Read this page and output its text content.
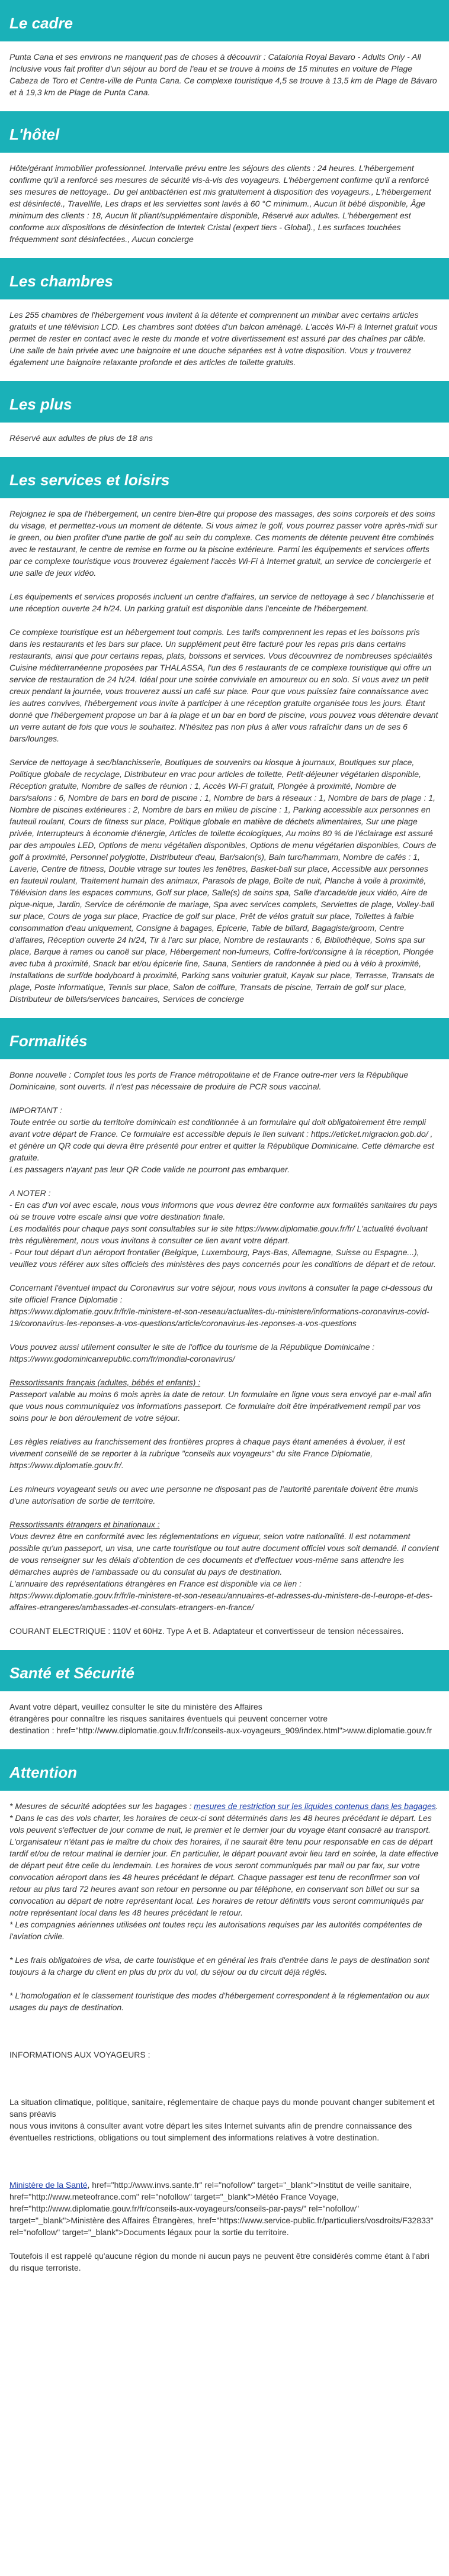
Le cadre

Punta Cana et ses environs ne manquent pas de choses à découvrir : Catalonia Royal Bavaro - Adults Only - All Inclusive vous fait profiter d'un séjour au bord de l'eau et se trouve à moins de 15 minutes en voiture de Plage Cabeza de Toro et Centre-ville de Punta Cana. Ce complexe touristique 4,5 se trouve à 13,5 km de Plage de Bávaro et à 19,3 km de Plage de Punta Cana.

L'hôtel

Hôte/gérant immobilier professionnel. Intervalle prévu entre les séjours des clients : 24 heures. L'hébergement confirme qu'il a renforcé ses mesures de sécurité vis-à-vis des voyageurs. L'hébergement confirme qu'il a renforcé ses mesures de nettoyage.. Du gel antibactérien est mis gratuitement à disposition des voyageurs., L'hébergement est désinfecté., Travellife, Les draps et les serviettes sont lavés à 60 °C minimum., Aucun lit bébé disponible, Âge minimum des clients : 18, Aucun lit pliant/supplémentaire disponible, Réservé aux adultes. L'hébergement est conforme aux dispositions de désinfection de Intertek Cristal (expert tiers - Global)., Les surfaces touchées fréquemment sont désinfectées., Aucun concierge

Les chambres

Les 255 chambres de l'hébergement vous invitent à la détente et comprennent un minibar avec certains articles gratuits et une télévision LCD. Les chambres sont dotées d'un balcon aménagé. L'accès Wi-Fi à Internet gratuit vous permet de rester en contact avec le reste du monde et votre divertissement est assuré par des chaînes par câble. Une salle de bain privée avec une baignoire et une douche séparées est à votre disposition. Vous y trouverez également une baignoire relaxante profonde et des articles de toilette gratuits.

Les plus

Réservé aux adultes de plus de 18 ans

Les services et loisirs

Rejoignez le spa de l'hébergement, un centre bien-être qui propose des massages, des soins corporels et des soins du visage, et permettez-vous un moment de détente. Si vous aimez le golf, vous pourrez passer votre après-midi sur le green, ou bien profiter d'une partie de golf au sein du complexe. Ces moments de détente peuvent être combinés avec le restaurant, le centre de remise en forme ou la piscine extérieure. Parmi les équipements et services offerts par ce complexe touristique vous trouverez également l'accès Wi-Fi à Internet gratuit, un service de conciergerie et une salle de jeux vidéo.

Les équipements et services proposés incluent un centre d'affaires, un service de nettoyage à sec / blanchisserie et une réception ouverte 24 h/24. Un parking gratuit est disponible dans l'enceinte de l'hébergement.

Ce complexe touristique est un hébergement tout compris. Les tarifs comprennent les repas et les boissons pris dans les restaurants et les bars sur place. Un supplément peut être facturé pour les repas pris dans certains restaurants, ainsi que pour certains repas, plats, boissons et services. Vous découvrirez de nombreuses spécialités Cuisine méditerranéenne proposées par THALASSA, l'un des 6 restaurants de ce complexe touristique qui offre un service de restauration de 24 h/24. Idéal pour une soirée conviviale en amoureux ou en solo. Si vous avez un petit creux pendant la journée, vous trouverez aussi un café sur place. Pour que vous puissiez faire connaissance avec les autres convives, l'hébergement vous invite à participer à une réception gratuite organisée tous les jours. Étant donné que l'hébergement propose un bar à la plage et un bar en bord de piscine, vous pouvez vous détendre devant un verre autant de fois que vous le souhaitez. N'hésitez pas non plus à aller vous rafraîchir dans un de ses 6 bars/lounges.

Service de nettoyage à sec/blanchisserie, Boutiques de souvenirs ou kiosque à journaux, Boutiques sur place, Politique globale de recyclage, Distributeur en vrac pour articles de toilette, Petit-déjeuner végétarien disponible, Réception gratuite, Nombre de salles de réunion : 1, Accès Wi-Fi gratuit, Plongée à proximité, Nombre de bars/salons : 6, Nombre de bars en bord de piscine : 1, Nombre de bars à réseaux : 1, Nombre de bars de plage : 1, Nombre de piscines extérieures : 2, Nombre de bars en milieu de piscine : 1, Parking accessible aux personnes en fauteuil roulant, Cours de fitness sur place, Politique globale en matière de déchets alimentaires, Sur une plage privée, Interrupteurs à économie d'énergie, Articles de toilette écologiques, Au moins 80 % de l'éclairage est assuré par des ampoules LED, Options de menu végétalien disponibles, Options de menu végétarien disponibles, Cours de golf à proximité, Personnel polyglotte, Distributeur d'eau, Bar/salon(s), Bain turc/hammam, Nombre de cafés : 1, Laverie, Centre de fitness, Double vitrage sur toutes les fenêtres, Basket-ball sur place, Accessible aux personnes en fauteuil roulant, Traitement humain des animaux, Parasols de plage, Boîte de nuit, Planche à voile à proximité, Télévision dans les espaces communs, Golf sur place, Salle(s) de soins spa, Salle d'arcade/de jeux vidéo, Aire de pique-nique, Jardin, Service de cérémonie de mariage, Spa avec services complets, Serviettes de plage, Volley-ball sur place, Cours de yoga sur place, Practice de golf sur place, Prêt de vélos gratuit sur place, Toilettes à faible consommation d'eau uniquement, Consigne à bagages, Épicerie, Table de billard, Bagagiste/groom, Centre d'affaires, Réception ouverte 24 h/24, Tir à l'arc sur place, Nombre de restaurants : 6, Bibliothèque, Soins spa sur place, Barque à rames ou canoë sur place, Hébergement non-fumeurs, Coffre-fort/consigne à la réception, Plongée avec tuba à proximité, Snack bar et/ou épicerie fine, Sauna, Sentiers de randonnée à pied ou à vélo à proximité, Installations de surf/de bodyboard à proximité, Parking sans voiturier gratuit, Kayak sur place, Terrasse, Transats de plage, Poste informatique, Tennis sur place, Salon de coiffure, Transats de piscine, Terrain de golf sur place, Distributeur de billets/services bancaires, Services de concierge

Formalités

Bonne nouvelle : Complet tous les ports de France métropolitaine et de France outre-mer vers la République Dominicaine, sont ouverts. Il n'est pas nécessaire de produire de PCR sous vaccinal.

IMPORTANT :
Toute entrée ou sortie du territoire dominicain est conditionnée à un formulaire qui doit obligatoirement être rempli avant votre départ de France. Ce formulaire est accessible depuis le lien suivant : https://eticket.migracion.gob.do/ , et génère un QR code qui devra être présenté pour entrer et quitter la République Dominicaine. Cette démarche est gratuite.
Les passagers n'ayant pas leur QR Code valide ne pourront pas embarquer.

A NOTER :
- En cas d'un vol avec escale, nous vous informons que vous devrez être conforme aux formalités sanitaires du pays où se trouve votre escale ainsi que votre destination finale.
Les modalités pour chaque pays sont consultables sur le site https://www.diplomatie.gouv.fr/fr/ L'actualité évoluant très régulièrement, nous vous invitons à consulter ce lien avant votre départ.
- Pour tout départ d'un aéroport frontalier (Belgique, Luxembourg, Pays-Bas, Allemagne, Suisse ou Espagne...), veuillez vous référer aux sites officiels des ministères des pays concernés pour les conditions de départ et de retour.

Concernant l'éventuel impact du Coronavirus sur votre séjour, nous vous invitons à consulter la page ci-dessous du site officiel France Diplomatie :
https://www.diplomatie.gouv.fr/fr/le-ministere-et-son-reseau/actualites-du-ministere/informations-coronavirus-covid-19/coronavirus-les-reponses-a-vos-questions/article/coronavirus-les-reponses-a-vos-questions

Vous pouvez aussi utilement consulter le site de l'office du tourisme de la République Dominicaine :
https://www.godominicanrepublic.com/fr/mondial-coronavirus/

Ressortissants français (adultes, bébés et enfants) :
Passeport valable au moins 6 mois après la date de retour. Un formulaire en ligne vous sera envoyé par e-mail afin que vous nous communiquiez vos informations passeport. Ce formulaire doit être impérativement rempli par vos soins pour le bon déroulement de votre séjour.

Les règles relatives au franchissement des frontières propres à chaque pays étant amenées à évoluer, il est vivement conseillé de se reporter à la rubrique "conseils aux voyageurs" du site France Diplomatie, https://www.diplomatie.gouv.fr/.

Les mineurs voyageant seuls ou avec une personne ne disposant pas de l'autorité parentale doivent être munis d'une autorisation de sortie de territoire.

Ressortissants étrangers et binationaux :
Vous devrez être en conformité avec les réglementations en vigueur, selon votre nationalité. Il est notamment possible qu'un passeport, un visa, une carte touristique ou tout autre document officiel vous soit demandé. Il convient de vous renseigner sur les délais d'obtention de ces documents et d'effectuer vous-même sans attendre les démarches auprès de l'ambassade ou du consulat du pays de destination.
L'annuaire des représentations étrangères en France est disponible via ce lien :
https://www.diplomatie.gouv.fr/fr/le-ministere-et-son-reseau/annuaires-et-adresses-du-ministere-de-l-europe-et-des-affaires-etrangeres/ambassades-et-consulats-etrangers-en-france/

COURANT ELECTRIQUE : 110V et 60Hz. Type A et B. Adaptateur et convertisseur de tension nécessaires.

Santé et Sécurité

Avant votre départ, veuillez consulter le site du ministère des Affaires
étrangères pour connaître les risques sanitaires éventuels qui peuvent concerner votre
destination : href="http://www.diplomatie.gouv.fr/fr/conseils-aux-voyageurs_909/index.html">www.diplomatie.gouv.fr

Attention

* Mesures de sécurité adoptées sur les bagages : mesures de restriction sur les liquides contenus dans les bagages.
* Dans le cas des vols charter, les horaires de ceux-ci sont déterminés dans les 48 heures précédant le départ. Les vols peuvent s'effectuer de jour comme de nuit, le premier et le dernier jour du voyage étant consacré au transport. L'organisateur n'étant pas le maître du choix des horaires, il ne saurait être tenu pour responsable en cas de départ tardif et/ou de retour matinal le dernier jour. En particulier, le départ pouvant avoir lieu tard en soirée, la date effective de départ peut être celle du lendemain. Les horaires de vous seront communiqués par mail ou par fax, sur votre convocation aéroport dans les 48 heures précédant le départ. Chaque passager est tenu de reconfirmer son vol retour au plus tard 72 heures avant son retour en personne ou par téléphone, en conservant son billet ou sur sa convocation au départ de notre représentant local. Les horaires de retour définitifs vous seront communiqués par notre représentant local dans les 48 heures précédant le retour.
* Les compagnies aériennes utilisées ont toutes reçu les autorisations requises par les autorités compétentes de l'aviation civile.

* Les frais obligatoires de visa, de carte touristique et en général les frais d'entrée dans le pays de destination sont toujours à la charge du client en plus du prix du vol, du séjour ou du circuit déjà réglés.

* L'homologation et le classement touristique des modes d'hébergement correspondent à la réglementation ou aux usages du pays de destination.

INFORMATIONS AUX VOYAGEURS :

La situation climatique, politique, sanitaire, réglementaire de chaque pays du monde pouvant changer subitement et sans préavis
nous vous invitons à consulter avant votre départ les sites Internet suivants afin de prendre connaissance des éventuelles restrictions, obligations ou tout simplement des informations relatives à votre destination.

Ministère de la Santé, href="http://www.invs.sante.fr" rel="nofollow" target="_blank">Institut de veille sanitaire, href="http://www.meteofrance.com" rel="nofollow" target="_blank">Météo France Voyage, href="http://www.diplomatie.gouv.fr/fr/conseils-aux-voyageurs/conseils-par-pays/" rel="nofollow" target="_blank">Ministère des Affaires Étrangères, href="https://www.service-public.fr/particuliers/vosdroits/F32833" rel="nofollow" target="_blank">Documents légaux pour la sortie du territoire.

Toutefois il est rappelé qu'aucune région du monde ni aucun pays ne peuvent être considérés comme étant à l'abri du risque terroriste.
